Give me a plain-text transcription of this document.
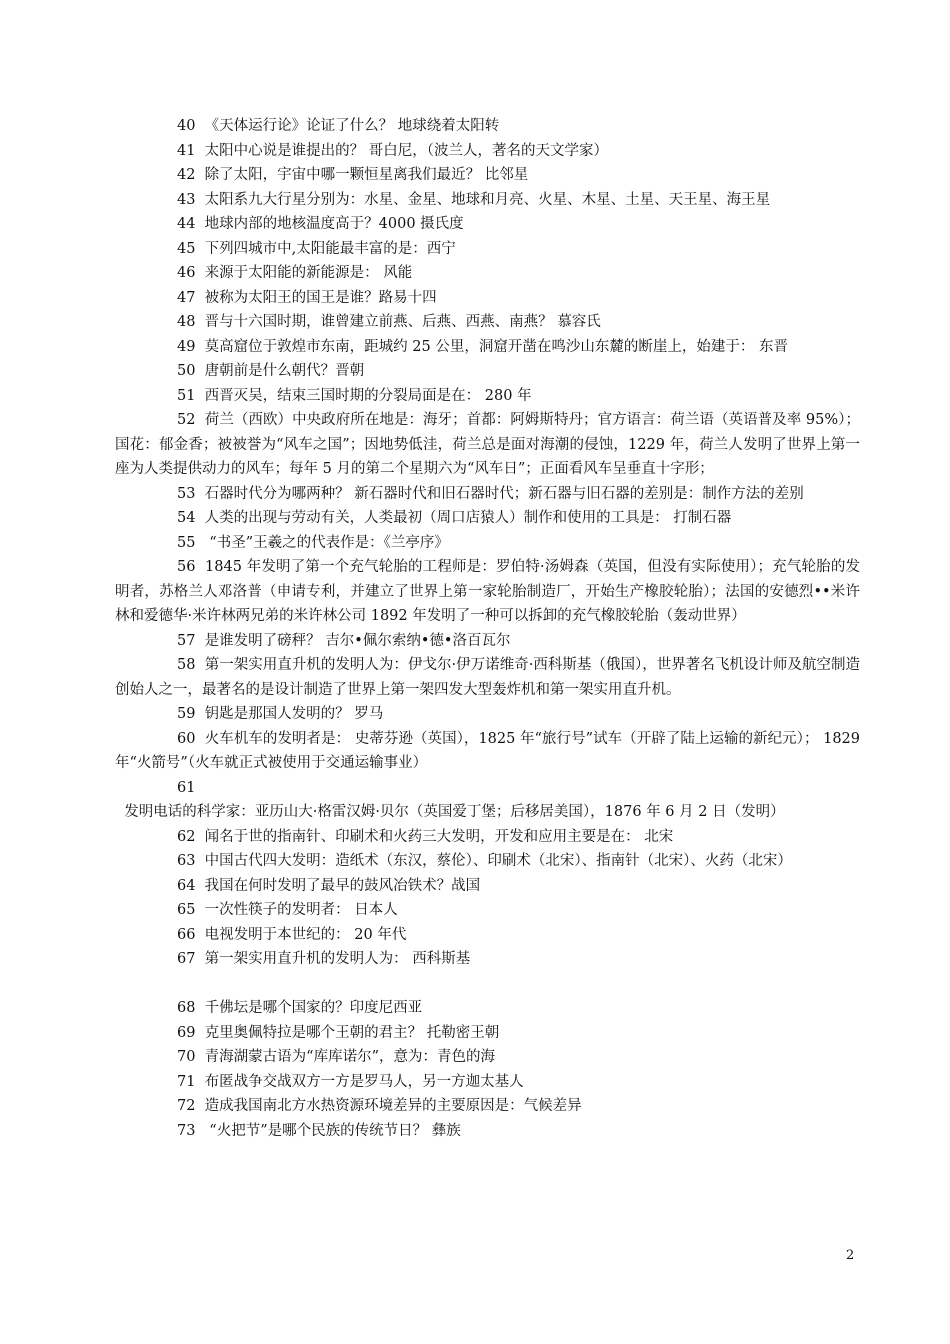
40 《天体运行论》论证了什么？ 地球绕着太阳转

41 太阳中心说是谁提出的？ 哥白尼，（波兰人，著名的天文学家）

42 除了太阳，宇宙中哪一颗恒星离我们最近？ 比邻星

43 太阳系九大行星分别为：水星、金星、地球和月亮、火星、木星、土星、天王星、海王星

44 地球内部的地核温度高于？4000 摄氏度

45 下列四城市中,太阳能最丰富的是：西宁

46 来源于太阳能的新能源是： 风能

47 被称为太阳王的国王是谁？路易十四

48 晋与十六国时期，谁曾建立前燕、后燕、西燕、南燕？ 慕容氏

49 莫高窟位于敦煌市东南，距城约 25 公里，洞窟开凿在鸣沙山东麓的断崖上，始建于： 东晋

50 唐朝前是什么朝代？晋朝

51 西晋灭吴，结束三国时期的分裂局面是在： 280 年

52 荷兰（西欧）中央政府所在地是：海牙；首都：阿姆斯特丹；官方语言：荷兰语（英语普及率 95%）；国花：郁金香；被被誉为“风车之国”；因地势低洼，荷兰总是面对海潮的侵蚀，1229 年，荷兰人发明了世界上第一座为人类提供动力的风车；每年 5 月的第二个星期六为“风车日”；正面看风车呈垂直十字形；

53 石器时代分为哪两种？ 新石器时代和旧石器时代；新石器与旧石器的差别是：制作方法的差别

54 人类的出现与劳动有关，人类最初（周口店猿人）制作和使用的工具是： 打制石器

55   “书圣”王羲之的代表作是：《兰亭序》

56 1845 年发明了第一个充气轮胎的工程师是：罗伯特·汤姆森（英国，但没有实际使用）；充气轮胎的发明者，苏格兰人邓洛普（申请专利，并建立了世界上第一家轮胎制造厂，开始生产橡胶轮胎）；法国的安德烈••米许林和爱德华·米许林两兄弟的米许林公司 1892 年发明了一种可以拆卸的充气橡胶轮胎（轰动世界）

57 是谁发明了磅秤？ 吉尔•佩尔索纳•德•洛百瓦尔

58 第一架实用直升机的发明人为：伊戈尔·伊万诺维奇·西科斯基（俄国），世界著名飞机设计师及航空制造创始人之一，最著名的是设计制造了世界上第一架四发大型轰炸机和第一架实用直升机。

59 钥匙是那国人发明的？ 罗马

60 火车机车的发明者是： 史蒂芬逊（英国），1825 年“旅行号”试车（开辟了陆上运输的新纪元）； 1829 年“火箭号”（火车就正式被使用于交通运输事业）

61  发明电话的科学家：亚历山大·格雷汉姆·贝尔（英国爱丁堡；后移居美国），1876 年 6 月 2 日（发明）

62 闻名于世的指南针、印刷术和火药三大发明，开发和应用主要是在： 北宋

63 中国古代四大发明：造纸术（东汉，蔡伦）、印刷术（北宋）、指南针（北宋）、火药（北宋）

64 我国在何时发明了最早的鼓风冶铁术？战国

65 一次性筷子的发明者： 日本人

66 电视发明于本世纪的： 20 年代

67 第一架实用直升机的发明人为： 西科斯基

68 千佛坛是哪个国家的？印度尼西亚

69 克里奥佩特拉是哪个王朝的君主？ 托勒密王朝

70 青海湖蒙古语为“库库诺尔”，意为：青色的海

71 布匿战争交战双方一方是罗马人，另一方迦太基人

72 造成我国南北方水热资源环境差异的主要原因是：气候差异

73   “火把节”是哪个民族的传统节日？ 彝族

2
